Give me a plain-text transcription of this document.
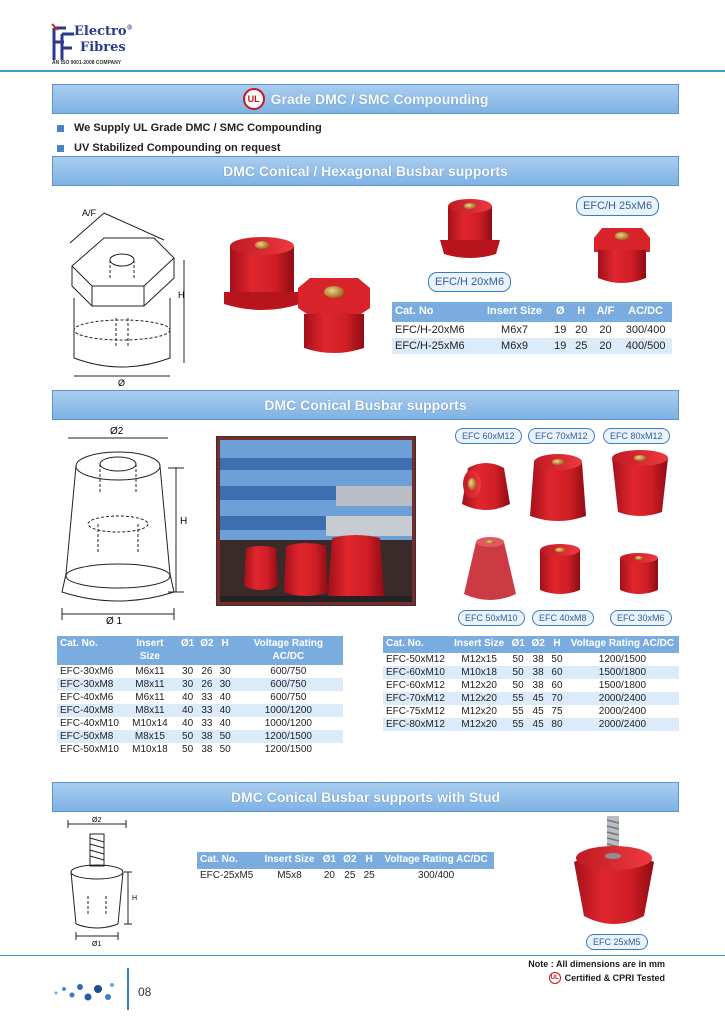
Electro®
Fibres
AN ISO 9001-2008 COMPANY
UL Grade DMC / SMC Compounding
We Supply UL Grade DMC / SMC Compounding
UV Stabilized Compounding on request
DMC Conical / Hexagonal Busbar supports
A/F
H
Ø
EFC/H 25xM6
EFC/H 20xM6
Cat. No	Insert Size	Ø	H	A/F	AC/DC
EFC/H-20xM6	M6x7	19	20	20	300/400
EFC/H-25xM6	M6x9	19	25	20	400/500
DMC Conical Busbar supports
Ø2
H
Ø 1
EFC 60xM12	EFC 70xM12	EFC 80xM12
EFC 50xM10	EFC 40xM8	EFC 30xM6
Cat. No.	Insert Size	Ø1	Ø2	H	Voltage Rating AC/DC
EFC-30xM6	M6x11	30	26	30	600/750
EFC-30xM8	M8x11	30	26	30	600/750
EFC-40xM6	M6x11	40	33	40	600/750
EFC-40xM8	M8x11	40	33	40	1000/1200
EFC-40xM10	M10x14	40	33	40	1000/1200
EFC-50xM8	M8x15	50	38	50	1200/1500
EFC-50xM10	M10x18	50	38	50	1200/1500
Cat. No.	Insert Size	Ø1	Ø2	H	Voltage Rating AC/DC
EFC-50xM12	M12x15	50	38	50	1200/1500
EFC-60xM10	M10x18	50	38	60	1500/1800
EFC-60xM12	M12x20	50	38	60	1500/1800
EFC-70xM12	M12x20	55	45	70	2000/2400
EFC-75xM12	M12x20	55	45	75	2000/2400
EFC-80xM12	M12x20	55	45	80	2000/2400
DMC Conical Busbar supports with Stud
Ø2
H
Ø1
Cat. No.	Insert Size	Ø1	Ø2	H	Voltage Rating AC/DC
EFC-25xM5	M5x8	20	25	25	300/400
EFC 25xM5
Note : All dimensions are in mm
UL Certified & CPRI Tested
08
